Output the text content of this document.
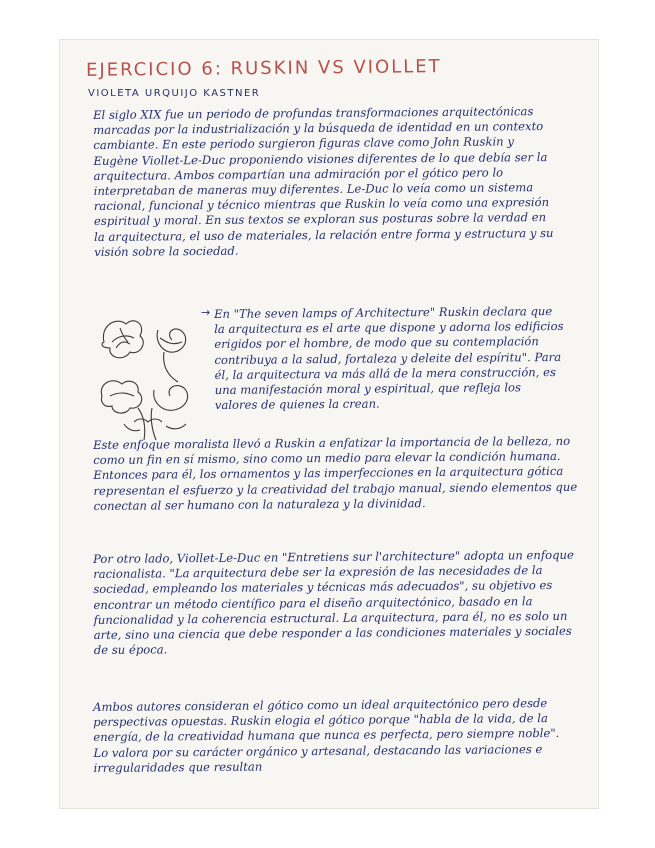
EJERCICIO 6: RUSKIN VS VIOLLET
VIOLETA URQUIJO KASTNER

El siglo XIX fue un periodo de profundas transformaciones arquitectónicas marcadas por la industrialización y la búsqueda de identidad en un contexto cambiante. En este periodo surgieron figuras clave como John Ruskin y Eugène Viollet-Le-Duc proponiendo visiones diferentes de lo que debía ser la arquitectura. Ambos compartían una admiración por el gótico pero lo interpretaban de maneras muy diferentes. Le-Duc lo veía como un sistema racional, funcional y técnico mientras que Ruskin lo veía como una expresión espiritual y moral. En sus textos se exploran sus posturas sobre la verdad en la arquitectura, el uso de materiales, la relación entre forma y estructura y su visión sobre la sociedad.

→ En "The seven lamps of Architecture" Ruskin declara que la arquitectura es el arte que dispone y adorna los edificios erigidos por el hombre, de modo que su contemplación contribuya a la salud, fortaleza y deleite del espíritu". Para él, la arquitectura va más allá de la mera construcción, es una manifestación moral y espiritual, que refleja los valores de quienes la crean.

Este enfoque moralista llevó a Ruskin a enfatizar la importancia de la belleza, no como un fin en sí mismo, sino como un medio para elevar la condición humana. Entonces para él, los ornamentos y las imperfecciones en la arquitectura gótica representan el esfuerzo y la creatividad del trabajo manual, siendo elementos que conectan al ser humano con la naturaleza y la divinidad.

Por otro lado, Viollet-Le-Duc en "Entretiens sur l'architecture" adopta un enfoque racionalista. "La arquitectura debe ser la expresión de las necesidades de la sociedad, empleando los materiales y técnicas más adecuados", su objetivo es encontrar un método científico para el diseño arquitectónico, basado en la funcionalidad y la coherencia estructural. La arquitectura, para él, no es solo un arte, sino una ciencia que debe responder a las condiciones materiales y sociales de su época.

Ambos autores consideran el gótico como un ideal arquitectónico pero desde perspectivas opuestas. Ruskin elogia el gótico porque "habla de la vida, de la energía, de la creatividad humana que nunca es perfecta, pero siempre noble". Lo valora por su carácter orgánico y artesanal, destacando las variaciones e irregularidades que resultan
